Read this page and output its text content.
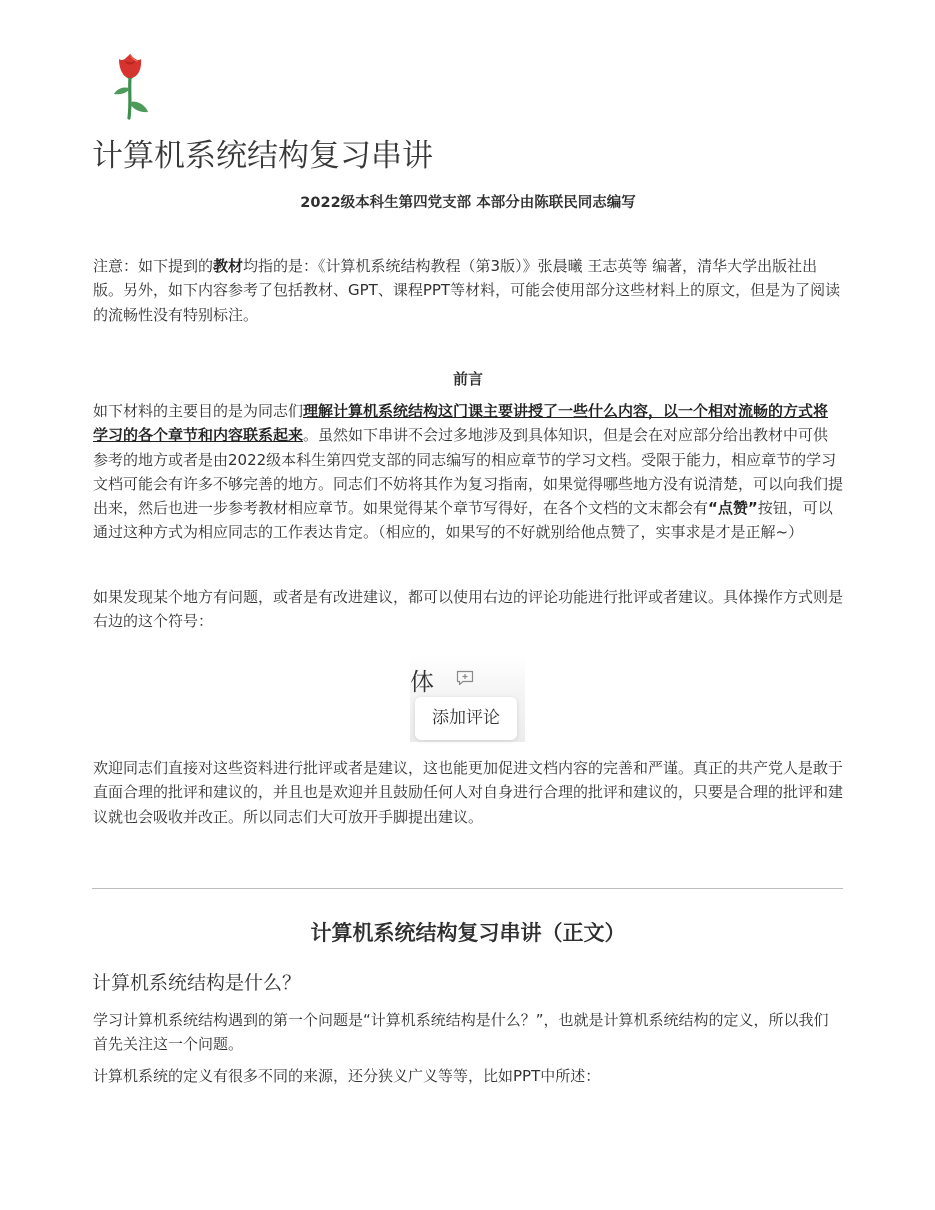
计算机系统结构复习串讲
2022级本科生第四党支部 本部分由陈联民同志编写
注意：如下提到的教材均指的是：《计算机系统结构教程（第3版）》张晨曦 王志英等 编著，清华大学出版社出版。另外，如下内容参考了包括教材、GPT、课程PPT等材料，可能会使用部分这些材料上的原文，但是为了阅读的流畅性没有特别标注。
前言
如下材料的主要目的是为同志们理解计算机系统结构这门课主要讲授了一些什么内容，以一个相对流畅的方式将学习的各个章节和内容联系起来。虽然如下串讲不会过多地涉及到具体知识，但是会在对应部分给出教材中可供参考的地方或者是由2022级本科生第四党支部的同志编写的相应章节的学习文档。受限于能力，相应章节的学习文档可能会有许多不够完善的地方。同志们不妨将其作为复习指南，如果觉得哪些地方没有说清楚，可以向我们提出来，然后也进一步参考教材相应章节。如果觉得某个章节写得好，在各个文档的文末都会有“点赞”按钮，可以通过这种方式为相应同志的工作表达肯定。（相应的，如果写的不好就别给他点赞了，实事求是才是正解~）
如果发现某个地方有问题，或者是有改进建议，都可以使用右边的评论功能进行批评或者建议。具体操作方式则是右边的这个符号：
体
添加评论
欢迎同志们直接对这些资料进行批评或者是建议，这也能更加促进文档内容的完善和严谨。真正的共产党人是敢于直面合理的批评和建议的，并且也是欢迎并且鼓励任何人对自身进行合理的批评和建议的，只要是合理的批评和建议就也会吸收并改正。所以同志们大可放开手脚提出建议。
计算机系统结构复习串讲（正文）
计算机系统结构是什么？
学习计算机系统结构遇到的第一个问题是“计算机系统结构是什么？”，也就是计算机系统结构的定义，所以我们首先关注这一个问题。
计算机系统的定义有很多不同的来源，还分狭义广义等等，比如PPT中所述：
